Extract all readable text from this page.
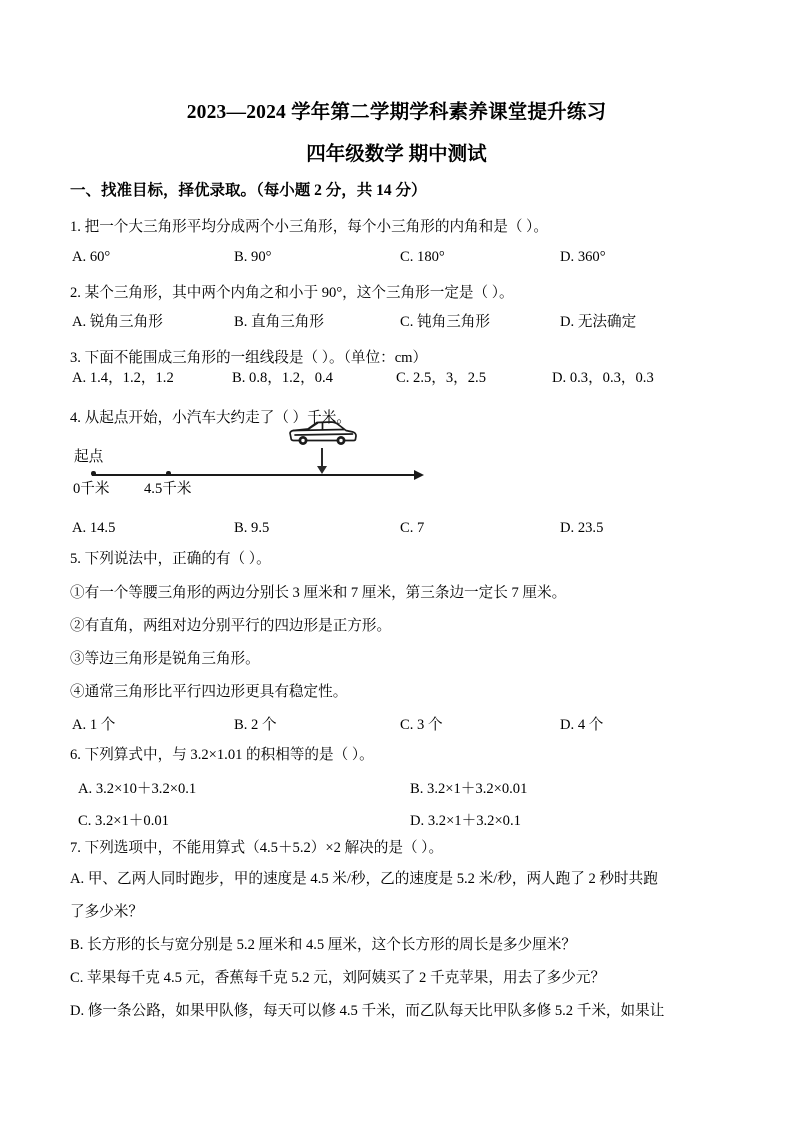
2023—2024 学年第二学期学科素养课堂提升练习
四年级数学 期中测试
一、找准目标，择优录取。（每小题 2 分，共 14 分）
1. 把一个大三角形平均分成两个小三角形，每个小三角形的内角和是（ ）。
A. 60°	B. 90°	C. 180°	D. 360°
2. 某个三角形，其中两个内角之和小于 90°，这个三角形一定是（ ）。
A. 锐角三角形	B. 直角三角形	C. 钝角三角形	D. 无法确定
3. 下面不能围成三角形的一组线段是（ ）。（单位：cm）
A. 1.4，1.2，1.2	B. 0.8，1.2，0.4	C. 2.5，3，2.5	D. 0.3，0.3，0.3
4. 从起点开始，小汽车大约走了（ ）千米。
起点
0千米 4.5千米
A. 14.5	B. 9.5	C. 7	D. 23.5
5. 下列说法中，正确的有（ ）。
①有一个等腰三角形的两边分别长 3 厘米和 7 厘米，第三条边一定长 7 厘米。
②有直角，两组对边分别平行的四边形是正方形。
③等边三角形是锐角三角形。
④通常三角形比平行四边形更具有稳定性。
A. 1 个	B. 2 个	C. 3 个	D. 4 个
6. 下列算式中，与 3.2×1.01 的积相等的是（ ）。
A. 3.2×10＋3.2×0.1	B. 3.2×1＋3.2×0.01
C. 3.2×1＋0.01	D. 3.2×1＋3.2×0.1
7. 下列选项中，不能用算式（4.5＋5.2）×2 解决的是（ ）。
A. 甲、乙两人同时跑步，甲的速度是 4.5 米/秒，乙的速度是 5.2 米/秒，两人跑了 2 秒时共跑
了多少米？
B. 长方形的长与宽分别是 5.2 厘米和 4.5 厘米，这个长方形的周长是多少厘米？
C. 苹果每千克 4.5 元，香蕉每千克 5.2 元，刘阿姨买了 2 千克苹果，用去了多少元？
D. 修一条公路，如果甲队修，每天可以修 4.5 千米，而乙队每天比甲队多修 5.2 千米，如果让
